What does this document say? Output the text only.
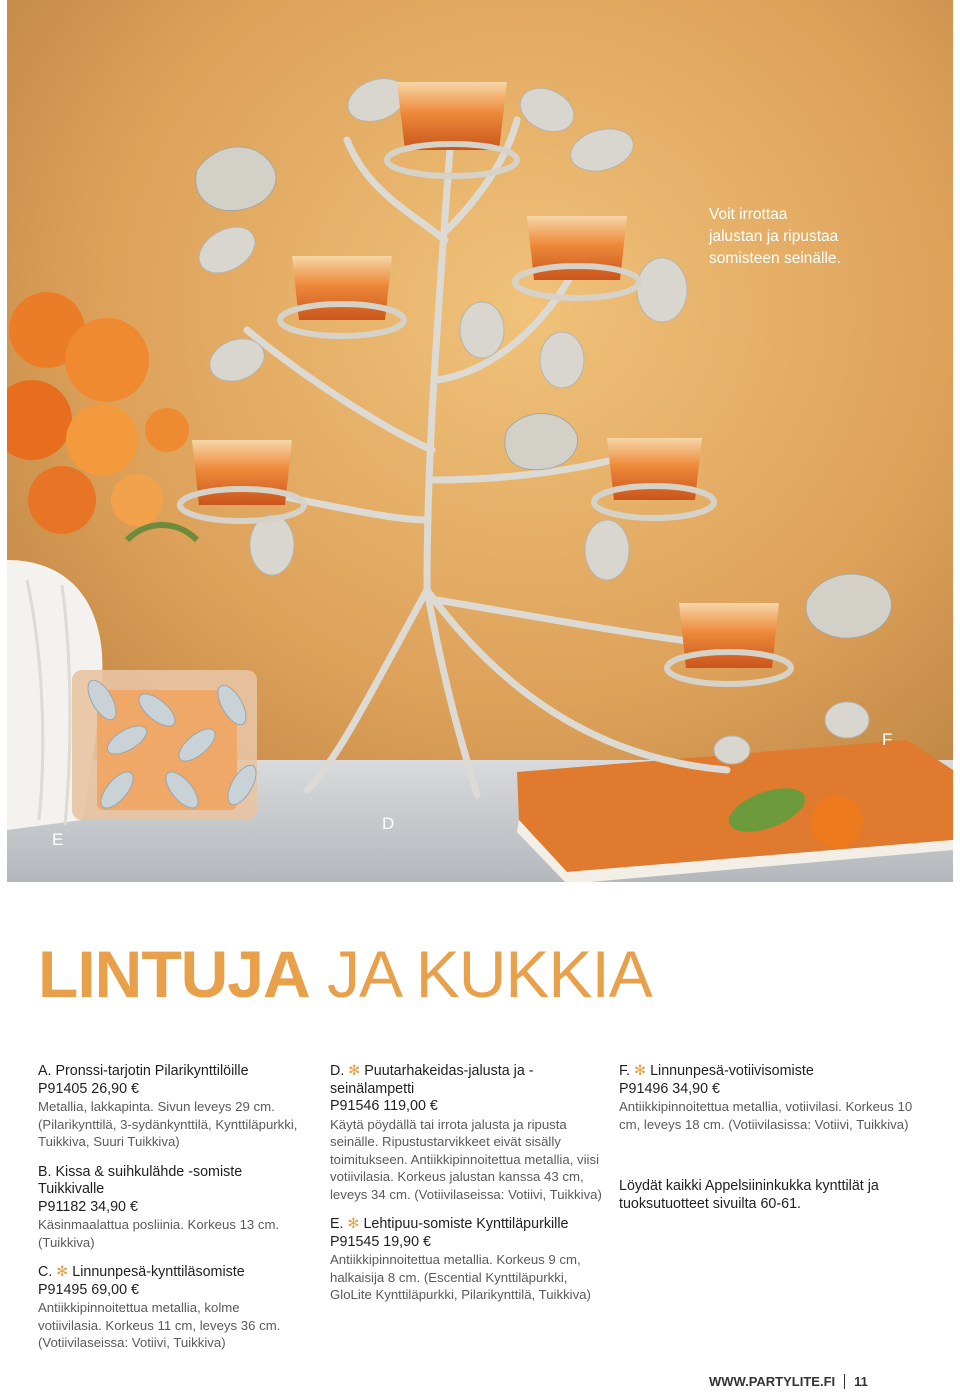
Voit irrottaa
jalustan ja ripustaa
somisteen seinälle.
F
E
D
LINTUJA JA KUKKIA
A. Pronssi-tarjotin Pilarikynttilöille
P91405 26,90 €
Metallia, lakkapinta. Sivun leveys 29 cm. (Pilarikynttilä, 3-sydänkynttilä, Kynttiläpurkki, Tuikkiva, Suuri Tuikkiva)
B. Kissa & suihkulähde -somiste Tuikkivalle
P91182 34,90 €
Käsinmaalattua posliinia. Korkeus 13 cm. (Tuikkiva)
C. ✻ Linnunpesä-kynttiläsomiste
P91495 69,00 €
Antiikkipinnoitettua metallia, kolme votiivilasia. Korkeus 11 cm, leveys 36 cm. (Votiivilaseissa: Votiivi, Tuikkiva)
D. ✻ Puutarhakeidas-jalusta ja -seinälampetti
P91546 119,00 €
Käytä pöydällä tai irrota jalusta ja ripusta seinälle. Ripustustarvikkeet eivät sisälly toimitukseen. Antiikkipinnoitettua metallia, viisi votiivilasia. Korkeus jalustan kanssa 43 cm, leveys 34 cm. (Votiivilaseissa: Votiivi, Tuikkiva)
E. ✻ Lehtipuu-somiste Kynttiläpurkille
P91545 19,90 €
Antiikkipinnoitettua metallia. Korkeus 9 cm, halkaisija 8 cm. (Escential Kynttiläpurkki, GloLite Kynttiläpurkki, Pilarikynttilä, Tuikkiva)
F. ✻ Linnunpesä-votiivisomiste
P91496 34,90 €
Antiikkipinnoitettua metallia, votiivilasi. Korkeus 10 cm, leveys 18 cm. (Votiivilasissa: Votiivi, Tuikkiva)
Löydät kaikki Appelsiininkukka kynttilät ja tuoksutuotteet sivuilta 60-61.
WWW.PARTYLITE.FI 11
